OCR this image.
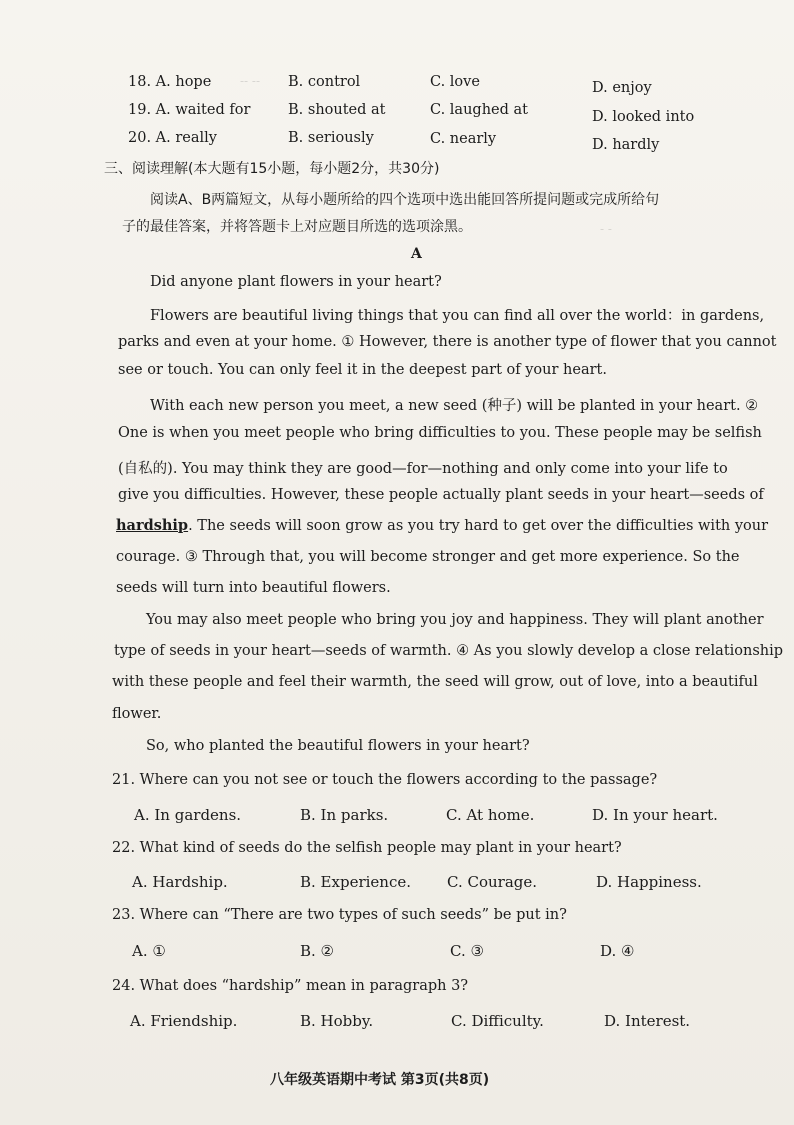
-- --
- -
18. A. hope	B. control	C. love	D. enjoy
19. A. waited for	B. shouted at	C. laughed at	D. looked into
20. A. really	B. seriously	C. nearly	D. hardly
三、阅读理解(本大题有15小题，每小题2分，共30分)
阅读A、B两篇短文，从每小题所给的四个选项中选出能回答所提问题或完成所给句
子的最佳答案，并将答题卡上对应题目所选的选项涂黑。
A
Did anyone plant flowers in your heart?
Flowers are beautiful living things that you can find all over the world：in gardens,
parks and even at your home. ① However, there is another type of flower that you cannot
see or touch. You can only feel it in the deepest part of your heart.
With each new person you meet, a new seed (种子) will be planted in your heart. ②
One is when you meet people who bring difficulties to you. These people may be selfish
(自私的). You may think they are good—for—nothing and only come into your life to
give you difficulties. However, these people actually plant seeds in your heart—seeds of
hardship. The seeds will soon grow as you try hard to get over the difficulties with your
courage. ③ Through that, you will become stronger and get more experience. So the
seeds will turn into beautiful flowers.
You may also meet people who bring you joy and happiness. They will plant another
type of seeds in your heart—seeds of warmth. ④ As you slowly develop a close relationship
with these people and feel their warmth, the seed will grow, out of love, into a beautiful
flower.
So, who planted the beautiful flowers in your heart?
21. Where can you not see or touch the flowers according to the passage?
A. In gardens.	B. In parks.	C. At home.	D. In your heart.
22. What kind of seeds do the selfish people may plant in your heart?
A. Hardship.	B. Experience. C. Courage.	D. Happiness.
23. Where can “There are two types of such seeds” be put in?
A. ①	B. ②	C. ③	D. ④
24. What does “hardship” mean in paragraph 3?
A. Friendship.	B. Hobby.	C. Difficulty.	D. Interest.
八年级英语期中考试 第3页(共8页)
